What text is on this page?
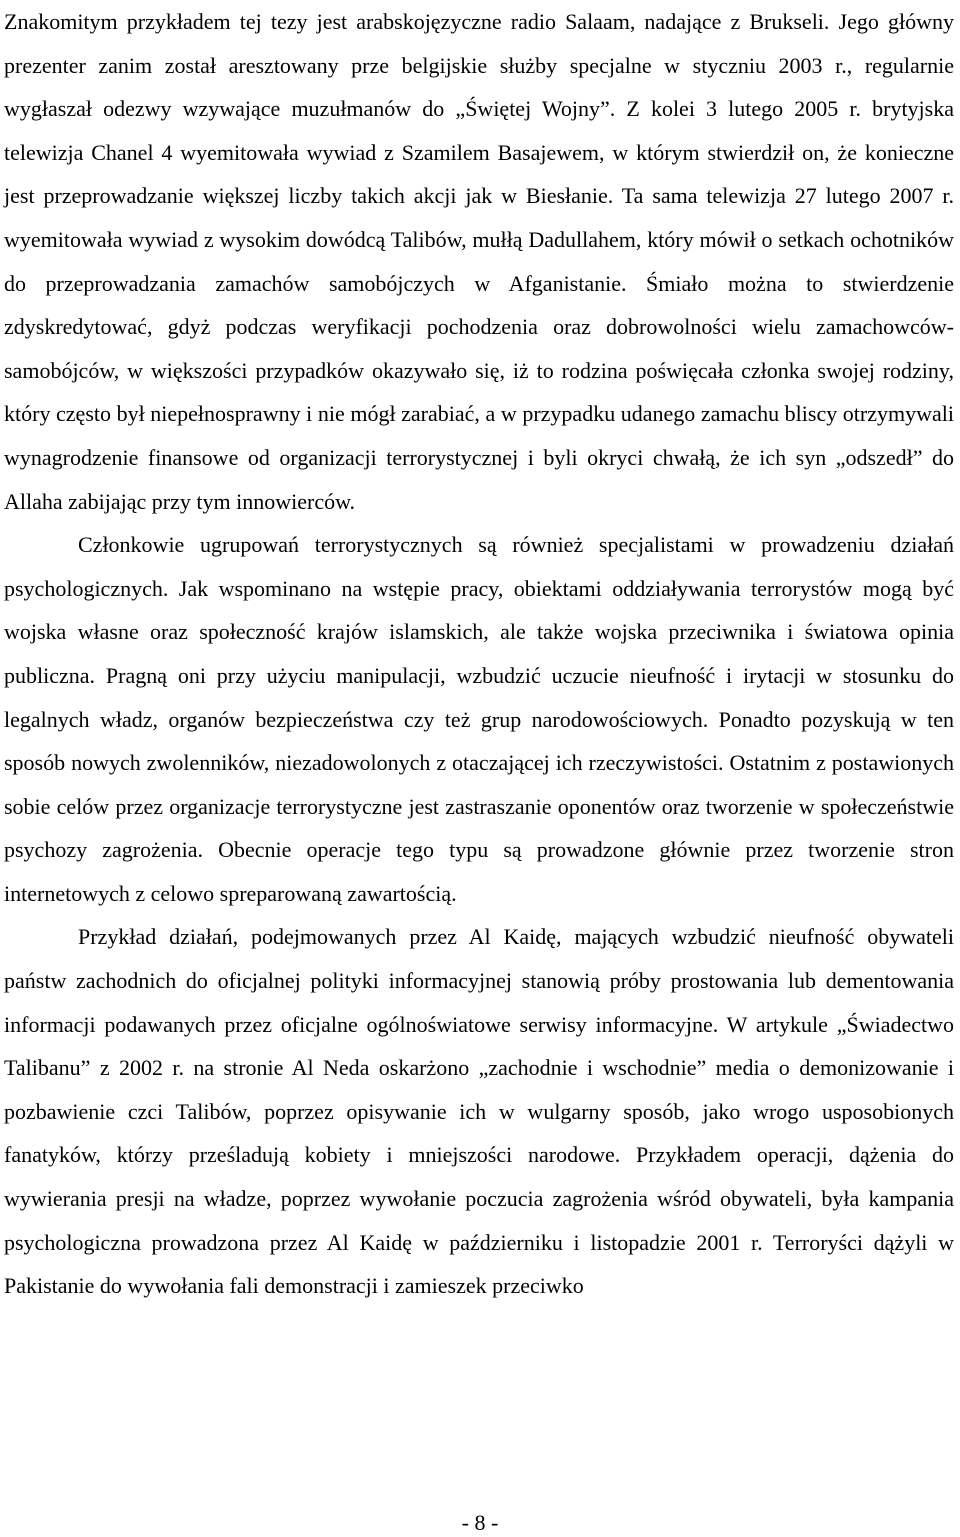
Znakomitym przykładem tej tezy jest arabskojęzyczne radio Salaam, nadające z Brukseli. Jego główny prezenter zanim został aresztowany prze belgijskie służby specjalne w styczniu 2003 r., regularnie wygłaszał odezwy wzywające muzułmanów do „Świętej Wojny”. Z kolei 3 lutego 2005 r. brytyjska telewizja Chanel 4 wyemitowała wywiad z Szamilem Basajewem, w którym stwierdził on, że konieczne jest przeprowadzanie większej liczby takich akcji jak w Biesłanie. Ta sama telewizja 27 lutego 2007 r. wyemitowała wywiad z wysokim dowódcą Talibów, mułłą Dadullahem, który mówił o setkach ochotników do przeprowadzania zamachów samobójczych w Afganistanie. Śmiało można to stwierdzenie zdyskredytować, gdyż podczas weryfikacji pochodzenia oraz dobrowolności wielu zamachowców-samobójców, w większości przypadków okazywało się, iż to rodzina poświęcała członka swojej rodziny, który często był niepełnosprawny i nie mógł zarabiać, a w przypadku udanego zamachu bliscy otrzymywali wynagrodzenie finansowe od organizacji terrorystycznej i byli okryci chwałą, że ich syn „odszedł” do Allaha zabijając przy tym innowierców.

Członkowie ugrupowań terrorystycznych są również specjalistami w prowadzeniu działań psychologicznych. Jak wspominano na wstępie pracy, obiektami oddziaływania terrorystów mogą być wojska własne oraz społeczność krajów islamskich, ale także wojska przeciwnika i światowa opinia publiczna. Pragną oni przy użyciu manipulacji, wzbudzić uczucie nieufność i irytacji w stosunku do legalnych władz, organów bezpieczeństwa czy też grup narodowościowych. Ponadto pozyskują w ten sposób nowych zwolenników, niezadowolonych z otaczającej ich rzeczywistości. Ostatnim z postawionych sobie celów przez organizacje terrorystyczne jest zastraszanie oponentów oraz tworzenie w społeczeństwie psychozy zagrożenia. Obecnie operacje tego typu są prowadzone głównie przez tworzenie stron internetowych z celowo spreparowaną zawartością.

Przykład działań, podejmowanych przez Al Kaidę, mających wzbudzić nieufność obywateli państw zachodnich do oficjalnej polityki informacyjnej stanowią próby prostowania lub dementowania informacji podawanych przez oficjalne ogólnoświatowe serwisy informacyjne. W artykule „Świadectwo Talibanu” z 2002 r. na stronie Al Neda oskarżono „zachodnie i wschodnie” media o demonizowanie i pozbawienie czci Talibów, poprzez opisywanie ich w wulgarny sposób, jako wrogo usposobionych fanatyków, którzy prześladują kobiety i mniejszości narodowe. Przykładem operacji, dążenia do wywierania presji na władze, poprzez wywołanie poczucia zagrożenia wśród obywateli, była kampania psychologiczna prowadzona przez Al Kaidę w październiku i listopadzie 2001 r. Terroryści dążyli w Pakistanie do wywołania fali demonstracji i zamieszek przeciwko

- 8 -
